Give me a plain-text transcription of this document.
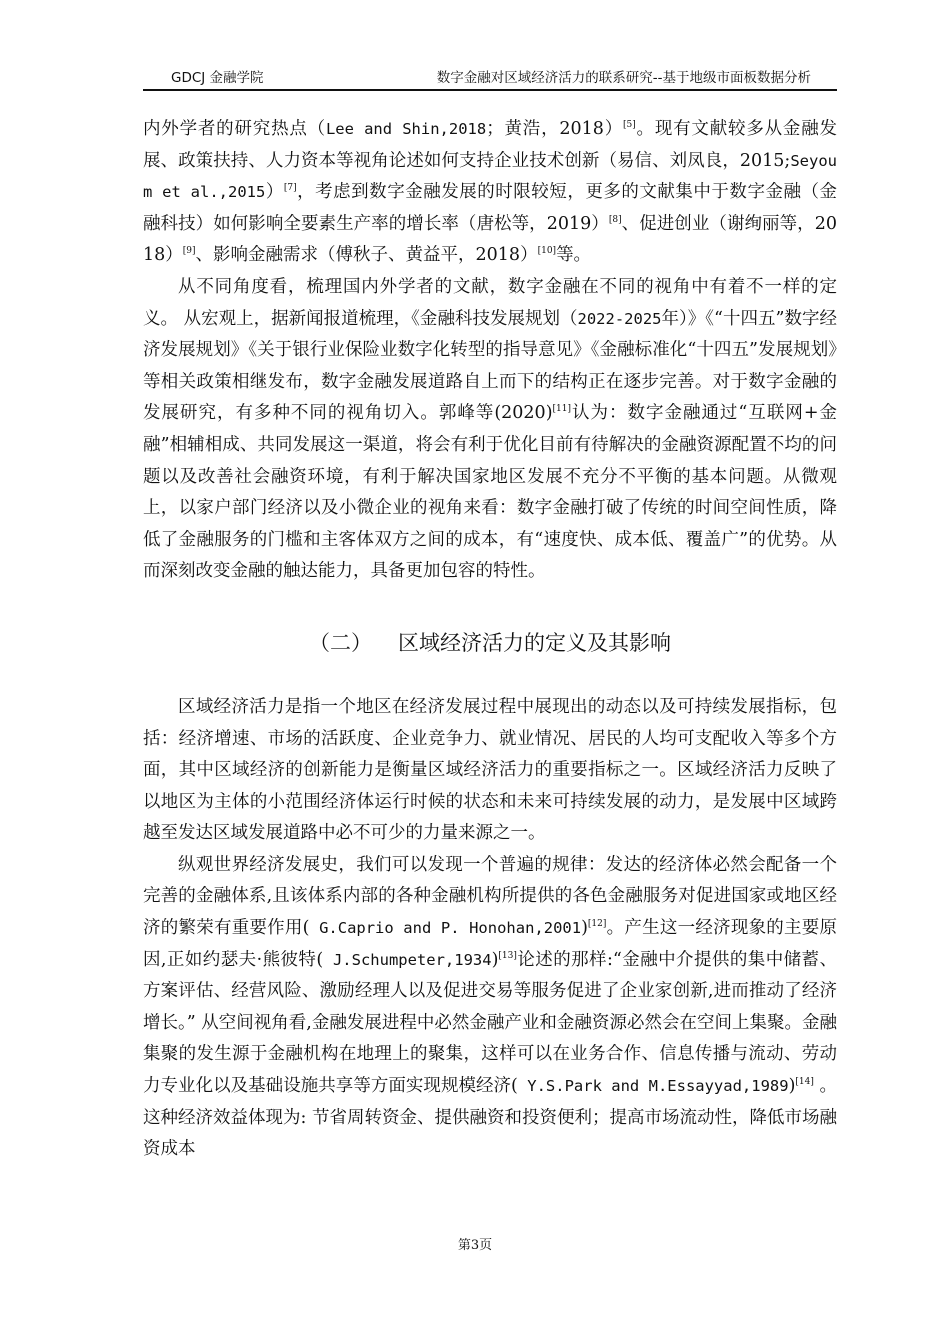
GDCJ 金融学院	数字金融对区域经济活力的联系研究--基于地级市面板数据分析

内外学者的研究热点（Lee and Shin,2018；黄浩，2018）[5]。现有文献较多从金融发展、政策扶持、人力资本等视角论述如何支持企业技术创新（易信、刘凤良，2015;Seyoum et al.,2015）[7]，考虑到数字金融发展的时限较短，更多的文献集中于数字金融（金融科技）如何影响全要素生产率的增长率（唐松等，2019）[8]、促进创业（谢绚丽等，2018）[9]、影响金融需求（傅秋子、黄益平，2018）[10]等。

从不同角度看，梳理国内外学者的文献，数字金融在不同的视角中有着不一样的定义。 从宏观上，据新闻报道梳理，《金融科技发展规划（2022-2025年）》《“十四五”数字经济发展规划》《关于银行业保险业数字化转型的指导意见》《金融标准化“十四五”发展规划》等相关政策相继发布，数字金融发展道路自上而下的结构正在逐步完善。对于数字金融的发展研究，有多种不同的视角切入。郭峰等(2020)[11]认为：数字金融通过“互联网+金融”相辅相成、共同发展这一渠道，将会有利于优化目前有待解决的金融资源配置不均的问题以及改善社会融资环境，有利于解决国家地区发展不充分不平衡的基本问题。从微观上，以家户部门经济以及小微企业的视角来看：数字金融打破了传统的时间空间性质，降低了金融服务的门槛和主客体双方之间的成本，有“速度快、成本低、覆盖广”的优势。从而深刻改变金融的触达能力，具备更加包容的特性。

（二） 区域经济活力的定义及其影响

区域经济活力是指一个地区在经济发展过程中展现出的动态以及可持续发展指标，包括：经济增速、市场的活跃度、企业竞争力、就业情况、居民的人均可支配收入等多个方面，其中区域经济的创新能力是衡量区域经济活力的重要指标之一。区域经济活力反映了以地区为主体的小范围经济体运行时候的状态和未来可持续发展的动力，是发展中区域跨越至发达区域发展道路中必不可少的力量来源之一。

纵观世界经济发展史，我们可以发现一个普遍的规律：发达的经济体必然会配备一个完善的金融体系,且该体系内部的各种金融机构所提供的各色金融服务对促进国家或地区经济的繁荣有重要作用( G.Caprio and P. Honohan,2001)[12]。产生这一经济现象的主要原因,正如约瑟夫·熊彼特( J.Schumpeter,1934)[13]论述的那样:“金融中介提供的集中储蓄、方案评估、经营风险、激励经理人以及促进交易等服务促进了企业家创新,进而推动了经济增长。” 从空间视角看,金融发展进程中必然金融产业和金融资源必然会在空间上集聚。金融集聚的发生源于金融机构在地理上的聚集，这样可以在业务合作、信息传播与流动、劳动力专业化以及基础设施共享等方面实现规模经济( Y.S.Park and M.Essayyad,1989)[14] 。这种经济效益体现为: 节省周转资金、提供融资和投资便利；提高市场流动性，降低市场融资成本

第3页
